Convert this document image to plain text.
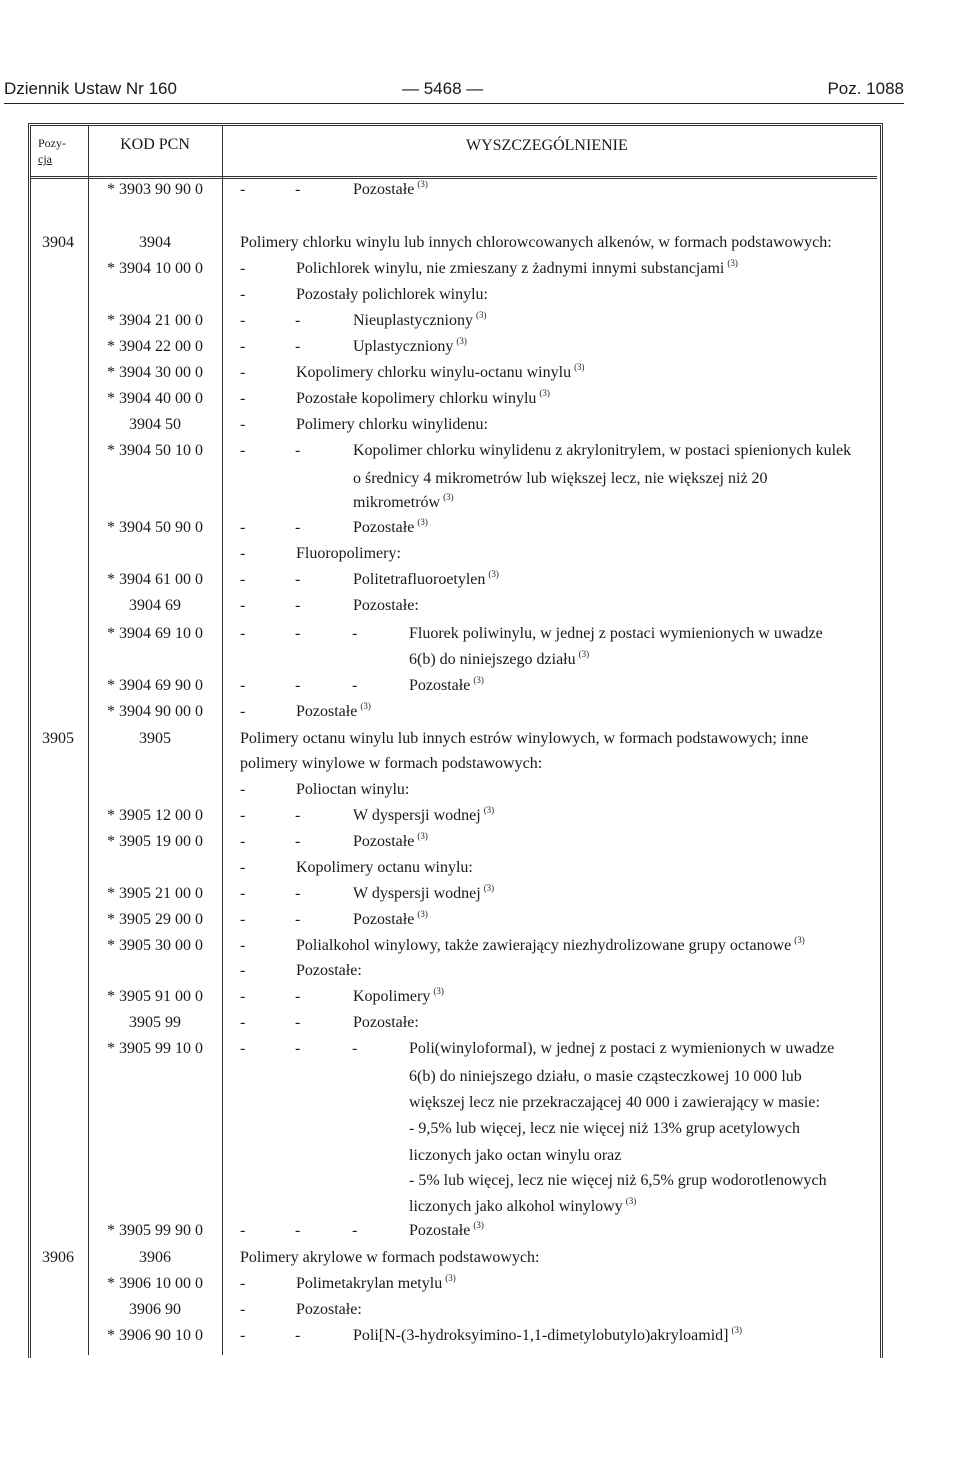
Dziennik Ustaw Nr 160	— 5468 —	Poz. 1088
Pozy-
cja
KOD PCN	WYSZCZEGÓLNIENIE
* 3903 90 90 0	-	-	Pozostałe $^{(3)}$
3904	3904	Polimery chlorku winylu lub innych chlorowcowanych alkenów, w formach podstawowych:
* 3904 10 00 0	-	Polichlorek winylu, nie zmieszany z żadnymi innymi substancjami $^{(3)}$
-	Pozostały polichlorek winylu:
* 3904 21 00 0	-	-	Nieuplastyczniony $^{(3)}$
* 3904 22 00 0	-	-	Uplastyczniony $^{(3)}$
* 3904 30 00 0	-	Kopolimery chlorku winylu-octanu winylu $^{(3)}$
* 3904 40 00 0	-	Pozostałe kopolimery chlorku winylu $^{(3)}$
3904 50	-	Polimery chlorku winylidenu:
* 3904 50 10 0	-	-	Kopolimer chlorku winylidenu z akrylonitrylem, w postaci spienionych kulek
o średnicy 4 mikrometrów lub większej lecz, nie większej niż 20
mikrometrów $^{(3)}$
* 3904 50 90 0	-	-	Pozostałe $^{(3)}$
-	Fluoropolimery:
* 3904 61 00 0	-	-	Politetrafluoroetylen $^{(3)}$
3904 69	-	-	Pozostałe:
* 3904 69 10 0	-	-	-	Fluorek poliwinylu, w jednej z postaci wymienionych w uwadze
6(b) do niniejszego działu $^{(3)}$
* 3904 69 90 0	-	-	-	Pozostałe $^{(3)}$
* 3904 90 00 0	-	Pozostałe $^{(3)}$
3905	3905	Polimery octanu winylu lub innych estrów winylowych, w formach podstawowych; inne
polimery winylowe w formach podstawowych:
-	Polioctan winylu:
* 3905 12 00 0	-	-	W dyspersji wodnej $^{(3)}$
* 3905 19 00 0	-	-	Pozostałe $^{(3)}$
-	Kopolimery octanu winylu:
* 3905 21 00 0	-	-	W dyspersji wodnej $^{(3)}$
* 3905 29 00 0	-	-	Pozostałe $^{(3)}$
* 3905 30 00 0	-	Polialkohol winylowy, także zawierający niezhydrolizowane grupy octanowe $^{(3)}$
-	Pozostałe:
* 3905 91 00 0	-	-	Kopolimery $^{(3)}$
3905 99	-	-	Pozostałe:
* 3905 99 10 0	-	-	-	Poli(winyloformal), w jednej z postaci z wymienionych w uwadze
6(b) do niniejszego działu, o masie cząsteczkowej 10 000 lub
większej lecz nie przekraczającej 40 000 i zawierający w masie:
- 9,5% lub więcej, lecz nie więcej niż 13% grup acetylowych
liczonych jako octan winylu oraz
- 5% lub więcej, lecz nie więcej niż 6,5% grup wodorotlenowych
liczonych jako alkohol winylowy $^{(3)}$
* 3905 99 90 0	-	-	-	Pozostałe $^{(3)}$
3906	3906	Polimery akrylowe w formach podstawowych:
* 3906 10 00 0	-	Polimetakrylan metylu $^{(3)}$
3906 90	-	Pozostałe:
* 3906 90 10 0	-	-	Poli[N-(3-hydroksyimino-1,1-dimetylobutylo)akryloamid] $^{(3)}$
